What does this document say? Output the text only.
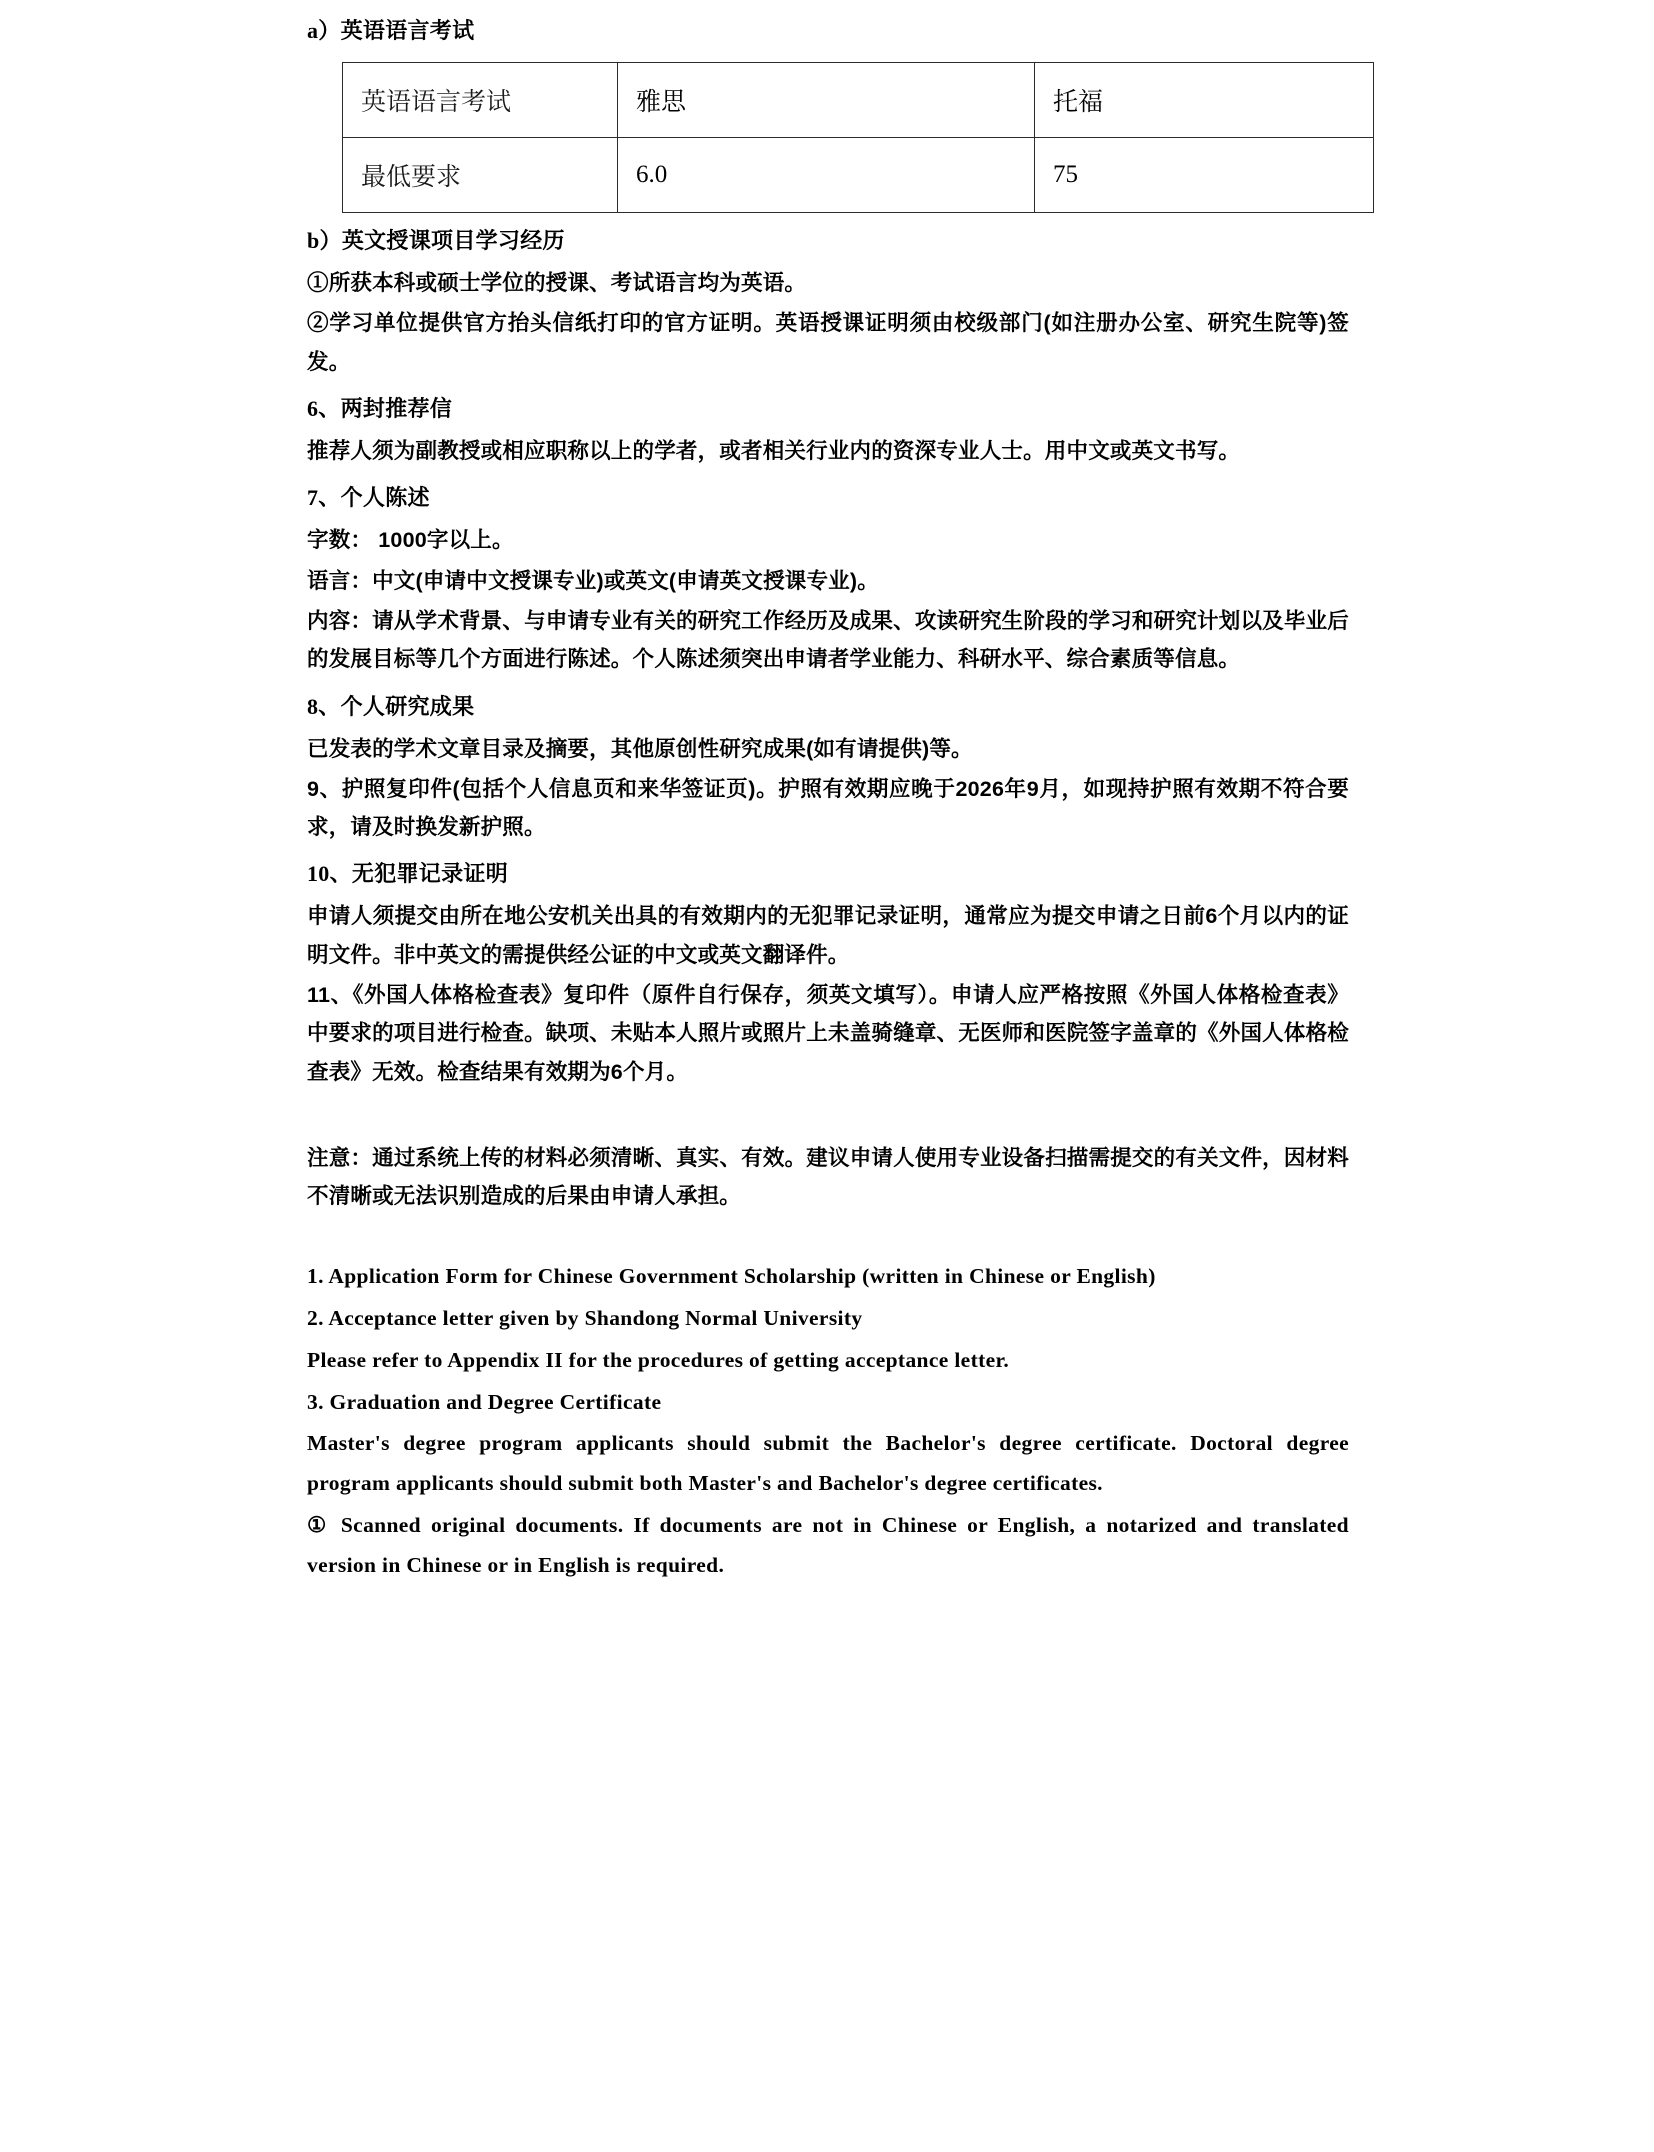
a）英语语言考试
英语语言考试	雅思	托福
最低要求	6.0	75
b）英文授课项目学习经历
①所获本科或硕士学位的授课、考试语言均为英语。
②学习单位提供官方抬头信纸打印的官方证明。英语授课证明须由校级部门(如注册办公室、研究生院等)签发。
6、两封推荐信
推荐人须为副教授或相应职称以上的学者，或者相关行业内的资深专业人士。用中文或英文书写。
7、个人陈述
字数： 1000字以上。
语言：中文(申请中文授课专业)或英文(申请英文授课专业)。
内容：请从学术背景、与申请专业有关的研究工作经历及成果、攻读研究生阶段的学习和研究计划以及毕业后的发展目标等几个方面进行陈述。个人陈述须突出申请者学业能力、科研水平、综合素质等信息。
8、个人研究成果
已发表的学术文章目录及摘要，其他原创性研究成果(如有请提供)等。
9、护照复印件(包括个人信息页和来华签证页)。护照有效期应晚于2026年9月，如现持护照有效期不符合要求，请及时换发新护照。
10、无犯罪记录证明
申请人须提交由所在地公安机关出具的有效期内的无犯罪记录证明，通常应为提交申请之日前6个月以内的证明文件。非中英文的需提供经公证的中文或英文翻译件。
11、《外国人体格检查表》复印件（原件自行保存，须英文填写）。申请人应严格按照《外国人体格检查表》中要求的项目进行检查。缺项、未贴本人照片或照片上未盖骑缝章、无医师和医院签字盖章的《外国人体格检查表》无效。检查结果有效期为6个月。
注意：通过系统上传的材料必须清晰、真实、有效。建议申请人使用专业设备扫描需提交的有关文件，因材料不清晰或无法识别造成的后果由申请人承担。
1. Application Form for Chinese Government Scholarship (written in Chinese or English)
2. Acceptance letter given by Shandong Normal University
Please refer to Appendix II for the procedures of getting acceptance letter.
3. Graduation and Degree Certificate
Master's degree program applicants should submit the Bachelor's degree certificate. Doctoral degree program applicants should submit both Master's and Bachelor's degree certificates.
① Scanned original documents. If documents are not in Chinese or English, a notarized and translated version in Chinese or in English is required.
